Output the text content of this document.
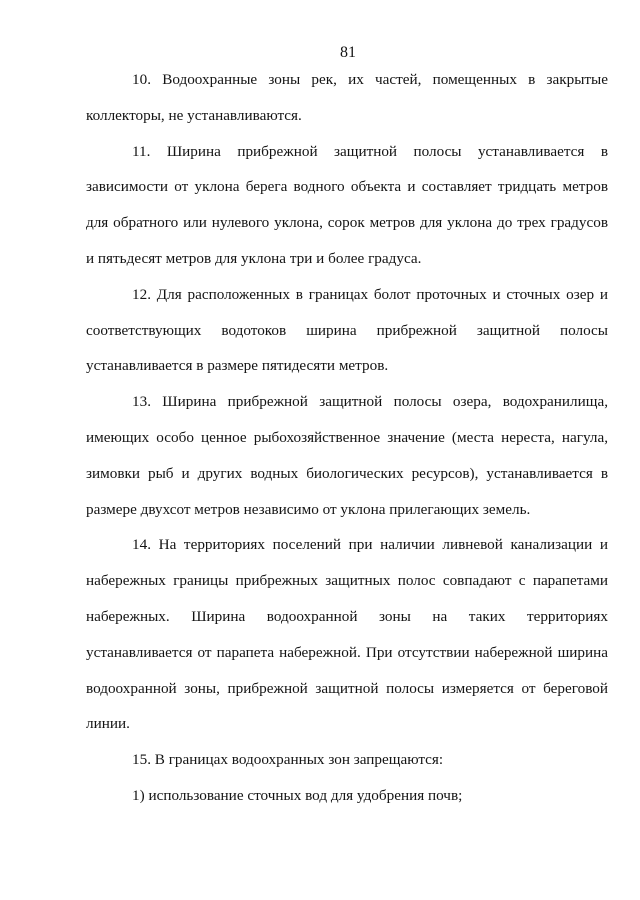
81

10. Водоохранные зоны рек, их частей, помещенных в закрытые коллекторы, не устанавливаются.

11. Ширина прибрежной защитной полосы устанавливается в зависимости от уклона берега водного объекта и составляет тридцать метров для обратного или нулевого уклона, сорок метров для уклона до трех градусов и пятьдесят метров для уклона три и более градуса.

12. Для расположенных в границах болот проточных и сточных озер и соответствующих водотоков ширина прибрежной защитной полосы устанавливается в размере пятидесяти метров.

13. Ширина прибрежной защитной полосы озера, водохранилища, имеющих особо ценное рыбохозяйственное значение (места нереста, нагула, зимовки рыб и других водных биологических ресурсов), устанавливается в размере двухсот метров независимо от уклона прилегающих земель.

14. На территориях поселений при наличии ливневой канализации и набережных границы прибрежных защитных полос совпадают с парапетами набережных. Ширина водоохранной зоны на таких территориях устанавливается от парапета набережной. При отсутствии набережной ширина водоохранной зоны, прибрежной защитной полосы измеряется от береговой линии.

15. В границах водоохранных зон запрещаются:

1) использование сточных вод для удобрения почв;
